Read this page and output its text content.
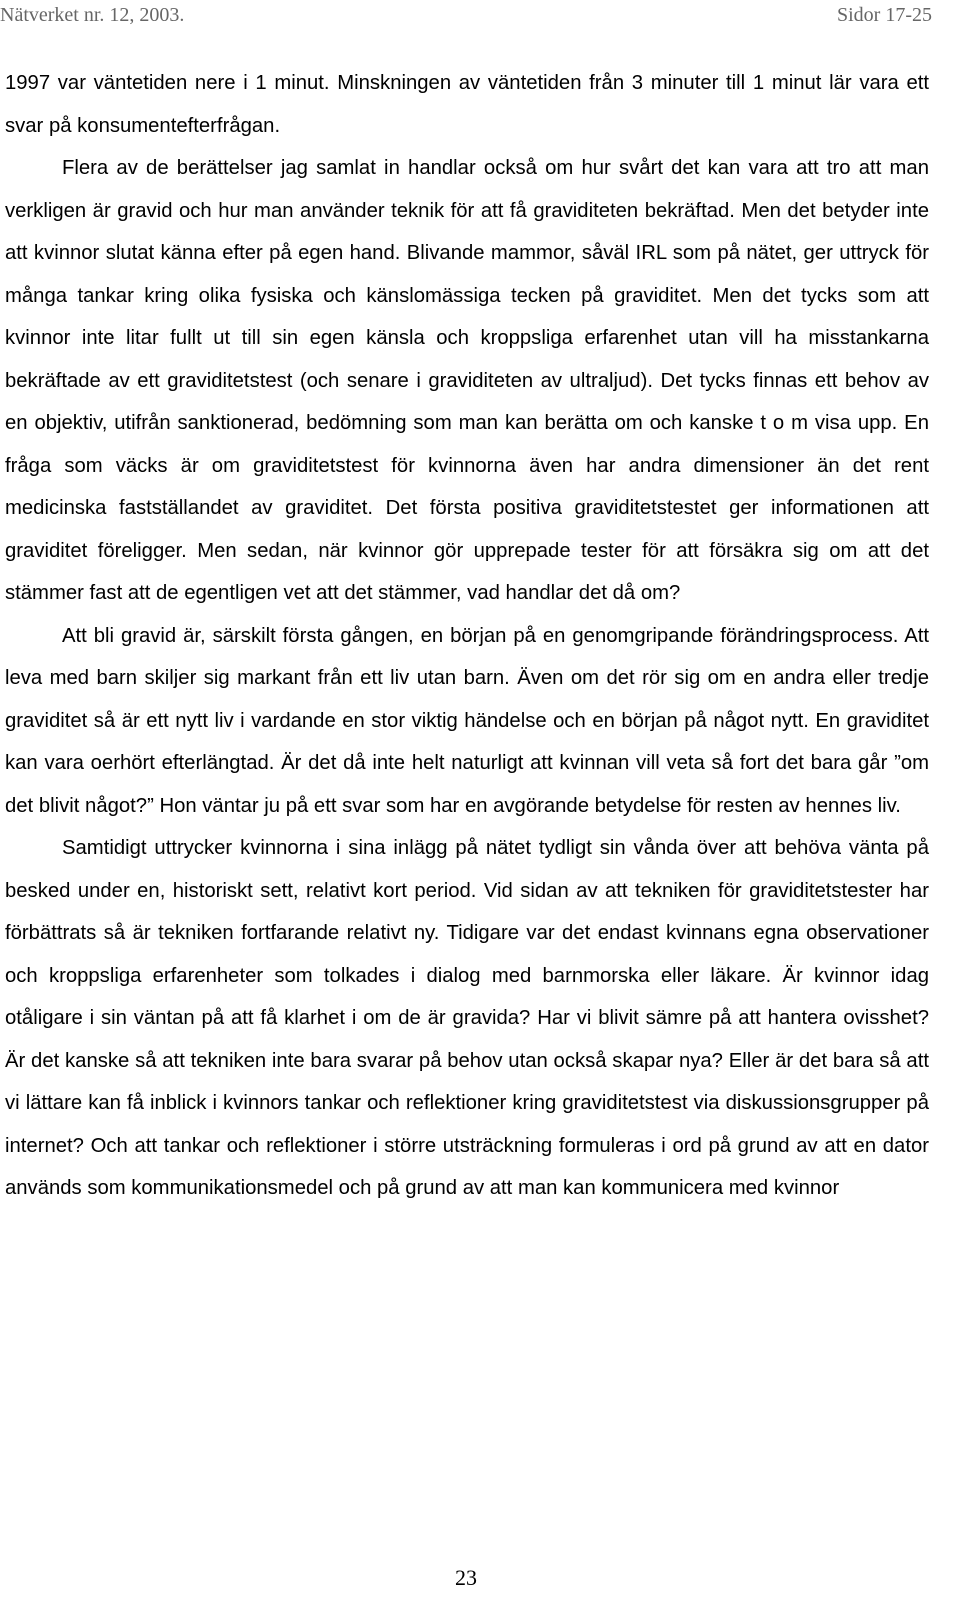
Nätverket nr. 12, 2003.	Sidor 17-25

1997 var väntetiden nere i 1 minut. Minskningen av väntetiden från 3 minuter till 1 minut lär vara ett svar på konsumentefterfrågan.

Flera av de berättelser jag samlat in handlar också om hur svårt det kan vara att tro att man verkligen är gravid och hur man använder teknik för att få graviditeten bekräftad. Men det betyder inte att kvinnor slutat känna efter på egen hand. Blivande mammor, såväl IRL som på nätet, ger uttryck för många tankar kring olika fysiska och känslomässiga tecken på graviditet. Men det tycks som att kvinnor inte litar fullt ut till sin egen känsla och kroppsliga erfarenhet utan vill ha misstankarna bekräftade av ett graviditetstest (och senare i graviditeten av ultraljud). Det tycks finnas ett behov av en objektiv, utifrån sanktionerad, bedömning som man kan berätta om och kanske t o m visa upp. En fråga som väcks är om graviditetstest för kvinnorna även har andra dimensioner än det rent medicinska fastställandet av graviditet. Det första positiva graviditetstestet ger informationen att graviditet föreligger. Men sedan, när kvinnor gör upprepade tester för att försäkra sig om att det stämmer fast att de egentligen vet att det stämmer, vad handlar det då om?

Att bli gravid är, särskilt första gången, en början på en genomgripande förändringsprocess. Att leva med barn skiljer sig markant från ett liv utan barn. Även om det rör sig om en andra eller tredje graviditet så är ett nytt liv i vardande en stor viktig händelse och en början på något nytt. En graviditet kan vara oerhört efterlängtad. Är det då inte helt naturligt att kvinnan vill veta så fort det bara går ”om det blivit något?” Hon väntar ju på ett svar som har en avgörande betydelse för resten av hennes liv.

Samtidigt uttrycker kvinnorna i sina inlägg på nätet tydligt sin vånda över att behöva vänta på besked under en, historiskt sett, relativt kort period. Vid sidan av att tekniken för graviditetstester har förbättrats så är tekniken fortfarande relativt ny. Tidigare var det endast kvinnans egna observationer och kroppsliga erfarenheter som tolkades i dialog med barnmorska eller läkare. Är kvinnor idag otåligare i sin väntan på att få klarhet i om de är gravida? Har vi blivit sämre på att hantera ovisshet? Är det kanske så att tekniken inte bara svarar på behov utan också skapar nya? Eller är det bara så att vi lättare kan få inblick i kvinnors tankar och reflektioner kring graviditetstest via diskussionsgrupper på internet? Och att tankar och reflektioner i större utsträckning formuleras i ord på grund av att en dator används som kommunikationsmedel och på grund av att man kan kommunicera med kvinnor

23
